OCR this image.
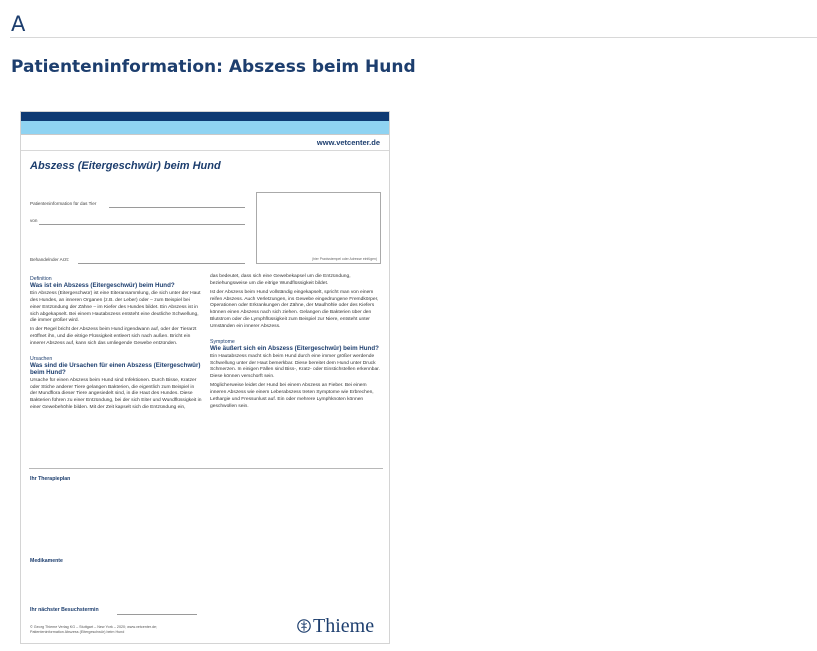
A
Patienteninformation: Abszess beim Hund
www.vetcenter.de
Abszess (Eitergeschwür) beim Hund
Patienteninformation für das Tier
von
Behandelnder Arzt:	(hier Praxisstempel oder Adresse einfügen)
Definition
Was ist ein Abszess (Eitergeschwür) beim Hund?

Ein Abszess (Eitergeschwür) ist eine Eiteransammlung, die sich unter der Haut des Hundes, an inneren Organen (z.B. der Leber) oder – zum Beispiel bei einer Entzündung der Zähne – im Kiefer des Hundes bildet. Ein Abszess ist in sich abgekapselt. Bei einem Hautabszess entsteht eine deutliche Schwellung, die immer größer wird.

In der Regel bricht der Abszess beim Hund irgendwann auf, oder der Tierarzt eröffnet ihn, und die eitrige Flüssigkeit entleert sich nach außen. Bricht ein innerer Abszess auf, kann sich das umliegende Gewebe entzünden.

Ursachen
Was sind die Ursachen für einen Abszess (Eitergeschwür) beim Hund?

Ursache für einen Abszess beim Hund sind Infektionen. Durch Bisse, Kratzer oder Stiche anderer Tiere gelangen Bakterien, die eigentlich zum Beispiel in der Mundflora dieser Tiere angesiedelt sind, in die Haut des Hundes. Diese Bakterien führen zu einer Entzündung, bei der sich Eiter und Wundflüssigkeit in einer Gewebehöhle bilden. Mit der Zeit kapselt sich die Entzündung ein,

das bedeutet, dass sich eine Gewebekapsel um die Entzündung, beziehungsweise um die eitrige Wundflüssigkeit bildet.

Ist der Abszess beim Hund vollständig eingekapselt, spricht man von einem reifen Abszess. Auch Verletzungen, ins Gewebe eingedrungene Fremdkörper, Operationen oder Erkrankungen der Zähne, der Maulhöhle oder des Kiefers können einen Abszess nach sich ziehen. Gelangen die Bakterien über den Blutstrom oder die Lymphflüssigkeit zum Beispiel zur Niere, entsteht unter Umständen ein innerer Abszess.

Symptome
Wie äußert sich ein Abszess (Eitergeschwür) beim Hund?

Ein Hautabszess macht sich beim Hund durch eine immer größer werdende Schwellung unter der Haut bemerkbar. Diese bereitet dem Hund unter Druck Schmerzen. In einigen Fällen sind Biss-, Kratz- oder Einstichstellen erkennbar. Diese können verschorft sein.

Möglicherweise leidet der Hund bei einem Abszess an Fieber. Bei einem inneren Abszess wie einem Leberabszess treten Symptome wie Erbrechen, Lethargie und Fressunlust auf. Ein oder mehrere Lymphknoten können geschwollen sein.

Ihr Therapieplan
Medikamente
Ihr nächster Besuchstermin
© Georg Thieme Verlag KG – Stuttgart – New York – 2020; www.vetcenter.de;
Patienteninformation Abszess (Eitergeschwür) beim Hund	Thieme
